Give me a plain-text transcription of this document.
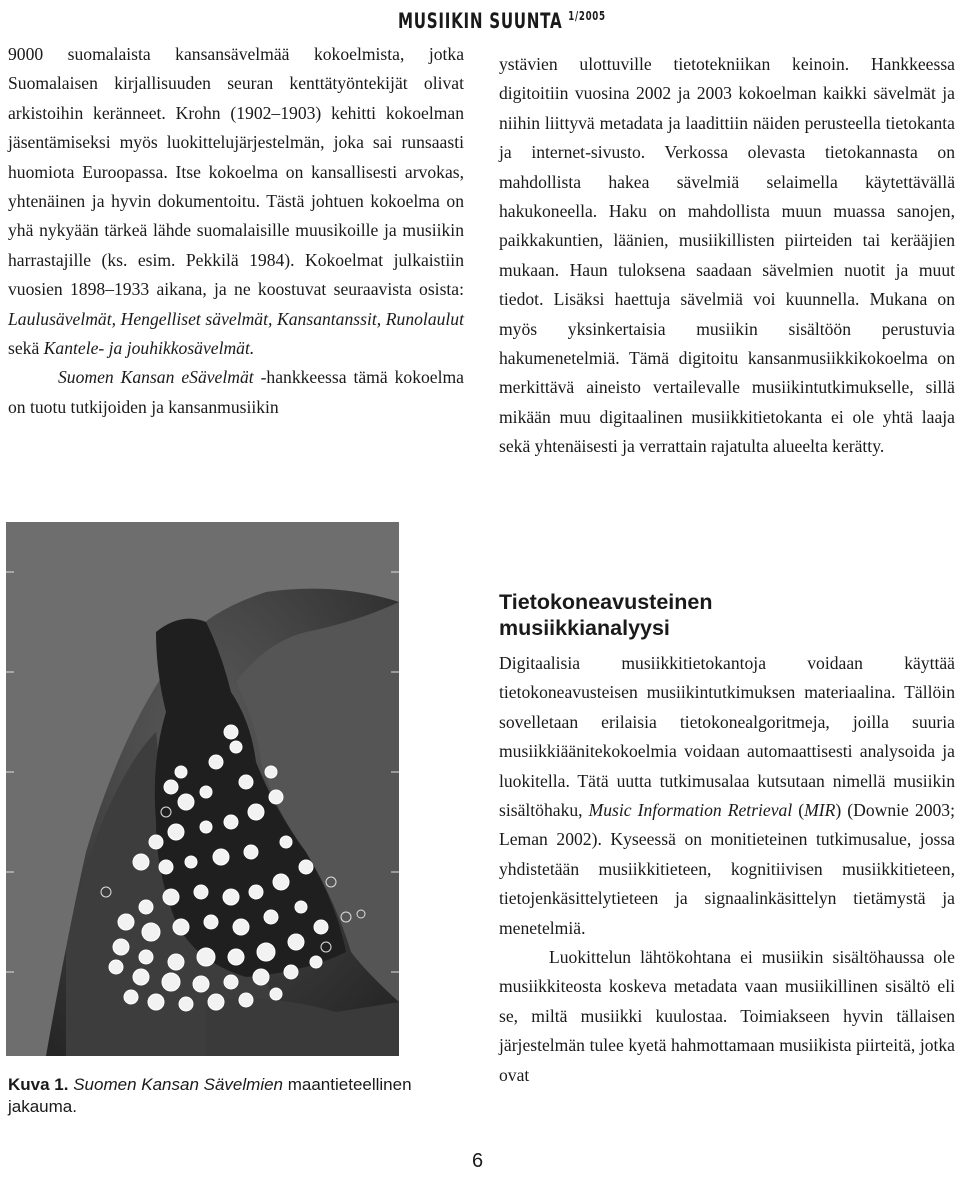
MUSIIKIN SUUNTA $^{1/2005}$

9000 suomalaista kansansävelmää kokoelmista, jotka Suomalaisen kirjallisuuden seuran kenttätyöntekijät olivat arkistoihin keränneet. Krohn (1902–1903) kehitti kokoelman jäsentämiseksi myös luokittelujärjestelmän, joka sai runsaasti huomiota Euroopassa. Itse kokoelma on kansallisesti arvokas, yhtenäinen ja hyvin dokumentoitu. Tästä johtuen kokoelma on yhä nykyään tärkeä lähde suomalaisille muusikoille ja musiikin harrastajille (ks. esim. Pekkilä 1984). Kokoelmat julkaistiin vuosien 1898–1933 aikana, ja ne koostuvat seuraavista osista: Laulusävelmät, Hengelliset sävelmät, Kansantanssit, Runolaulut sekä Kantele- ja jouhikkosävelmät.

Suomen Kansan eSävelmät -hankkeessa tämä kokoelma on tuotu tutkijoiden ja kansanmusiikin

ystävien ulottuville tietotekniikan keinoin. Hankkeessa digitoitiin vuosina 2002 ja 2003 kokoelman kaikki sävelmät ja niihin liittyvä metadata ja laadittiin näiden perusteella tietokanta ja internet-sivusto. Verkossa olevasta tietokannasta on mahdollista hakea sävelmiä selaimella käytettävällä hakukoneella. Haku on mahdollista muun muassa sanojen, paikkakuntien, läänien, musiikillisten piirteiden tai kerääjien mukaan. Haun tuloksena saadaan sävelmien nuotit ja muut tiedot. Lisäksi haettuja sävelmiä voi kuunnella. Mukana on myös yksinkertaisia musiikin sisältöön perustuvia hakumenetelmiä. Tämä digitoitu kansanmusiikkikokoelma on merkittävä aineisto vertailevalle musiikintutkimukselle, sillä mikään muu digitaalinen musiikkitietokanta ei ole yhtä laaja sekä yhtenäisesti ja verrattain rajatulta alueelta kerätty.

Tietokoneavusteinen musiikkianalyysi

Digitaalisia musiikkitietokantoja voidaan käyttää tietokoneavusteisen musiikintutkimuksen materiaalina. Tällöin sovelletaan erilaisia tietokonealgoritmeja, joilla suuria musiikkiäänitekokoelmia voidaan automaattisesti analysoida ja luokitella. Tätä uutta tutkimusalaa kutsutaan nimellä musiikin sisältöhaku, Music Information Retrieval (MIR) (Downie 2003; Leman 2002). Kyseessä on monitieteinen tutkimusalue, jossa yhdistetään musiikkitieteen, kognitiivisen musiikkitieteen, tietojenkäsittelytieteen ja signaalinkäsittelyn tietämystä ja menetelmiä.

Luokittelun lähtökohtana ei musiikin sisältöhaussa ole musiikkiteosta koskeva metadata vaan musiikillinen sisältö eli se, miltä musiikki kuulostaa. Toimiakseen hyvin tällaisen järjestelmän tulee kyetä hahmottamaan musiikista piirteitä, jotka ovat

Kuva 1. Suomen Kansan Sävelmien maantieteellinen jakauma.
6
